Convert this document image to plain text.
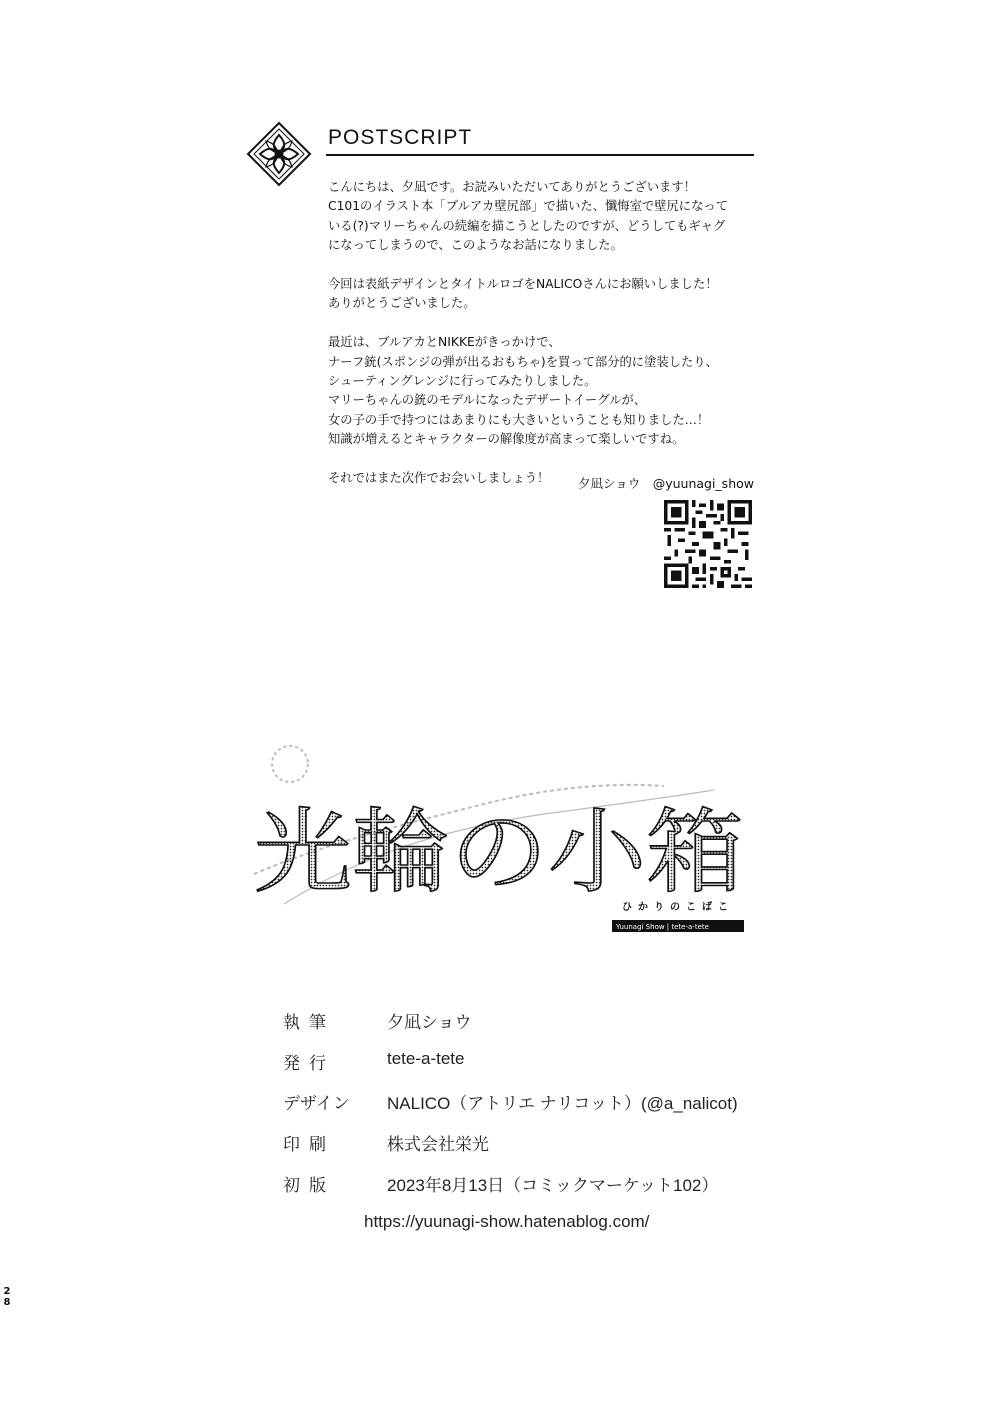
POSTSCRIPT

こんにちは、夕凪です。お読みいただいてありがとうございます！
C101のイラスト本「ブルアカ壁尻部」で描いた、懺悔室で壁尻になって
いる(?)マリーちゃんの続編を描こうとしたのですが、どうしてもギャグ
になってしまうので、このようなお話になりました。

今回は表紙デザインとタイトルロゴをNALICOさんにお願いしました！
ありがとうございました。

最近は、ブルアカとNIKKEがきっかけで、
ナーフ銃(スポンジの弾が出るおもちゃ)を買って部分的に塗装したり、
シューティングレンジに行ってみたりしました。
マリーちゃんの銃のモデルになったデザートイーグルが、
女の子の手で持つにはあまりにも大きいということも知りました…！
知識が増えるとキャラクターの解像度が高まって楽しいですね。

それではまた次作でお会いしましょう！	夕凪ショウ　@yuunagi_show
光輪の小箱
ひかりのこばこ
Yuunagi Show | tete-a-tete
執筆	夕凪ショウ
発行	tete-a-tete
デザイン NALICO（アトリエ ナリコット）(@a_nalicot)
印刷	株式会社栄光
初版	2023年8月13日（コミックマーケット102）
https://yuunagi-show.hatenablog.com/
28
